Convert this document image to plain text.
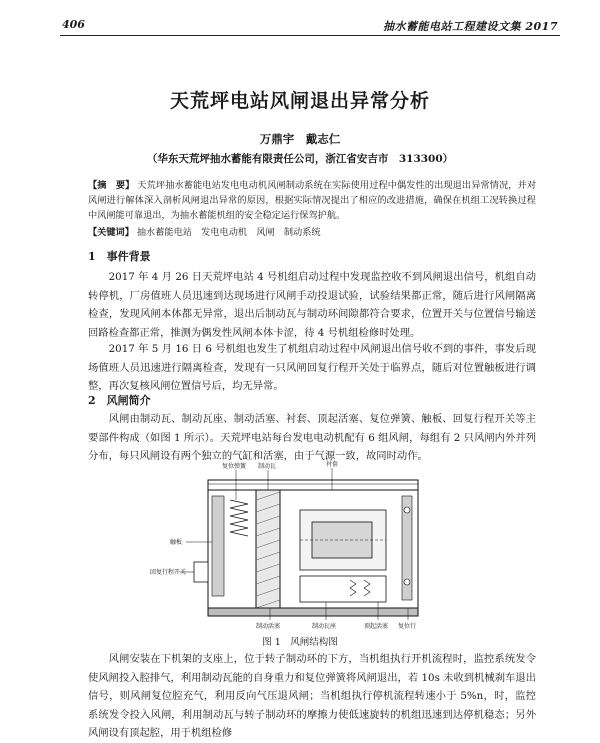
406	抽水蓄能电站工程建设文集 2017
天荒坪电站风闸退出异常分析
万鼎宇　戴志仁
（华东天荒坪抽水蓄能有限责任公司，浙江省安吉市　313300）
【摘　要】 天荒坪抽水蓄能电站发电电动机风闸制动系统在实际使用过程中偶发性的出现退出异常情况，并对风闸进行解体深入剖析风闸退出异常的原因，根据实际情况提出了相应的改进措施，确保在机组工况转换过程中风闸能可靠退出，为抽水蓄能机组的安全稳定运行保驾护航。
【关键词】 抽水蓄能电站　发电电动机　风闸　制动系统
1　事件背景
2017 年 4 月 26 日天荒坪电站 4 号机组启动过程中发现监控收不到风闸退出信号，机组自动转停机，厂房值班人员迅速到达现场进行风闸手动投退试验，试验结果都正常，随后进行风闸隔离检查，发现风闸本体都无异常，退出后制动瓦与制动环间隙都符合要求，位置开关与位置信号输送回路检查都正常，推测为偶发性风闸本体卡涩，待 4 号机组检修时处理。
2017 年 5 月 16 日 6 号机组也发生了机组启动过程中风闸退出信号收不到的事件，事发后现场值班人员迅速进行隔离检查，发现有一只风闸回复行程开关处于临界点，随后对位置触板进行调整，再次复核风闸位置信号后，均无异常。
2　风闸简介
风闸由制动瓦、制动瓦座、制动活塞、衬套、顶起活塞、复位弹簧、触板、回复行程开关等主要部件构成（如图 1 所示）。天荒坪电站每台发电电动机配有 6 组风闸，每组有 2 只风闸内外并列分布，每只风闸设有两个独立的气缸和活塞，由于气源一致，故同时动作。
复位弹簧 制动瓦	衬套
触板
回复行程开关
制动活塞	制动瓦座	顶起活塞 复位行
图 1　风闸结构图
风闸安装在下机架的支座上，位于转子制动环的下方，当机组执行开机流程时，监控系统发令使风闸投入腔排气，利用制动瓦能的自身重力和复位弹簧将风闸退出，若 10s 未收到机械刹车退出信号，则风闸复位腔充气，利用反向气压退风闸；当机组执行停机流程转速小于 5%n，时，监控系统发令投入风闸，利用制动瓦与转子制动环的摩擦力使低速旋转的机组迅速到达停机稳态；另外风闸设有顶起腔，用于机组检修
